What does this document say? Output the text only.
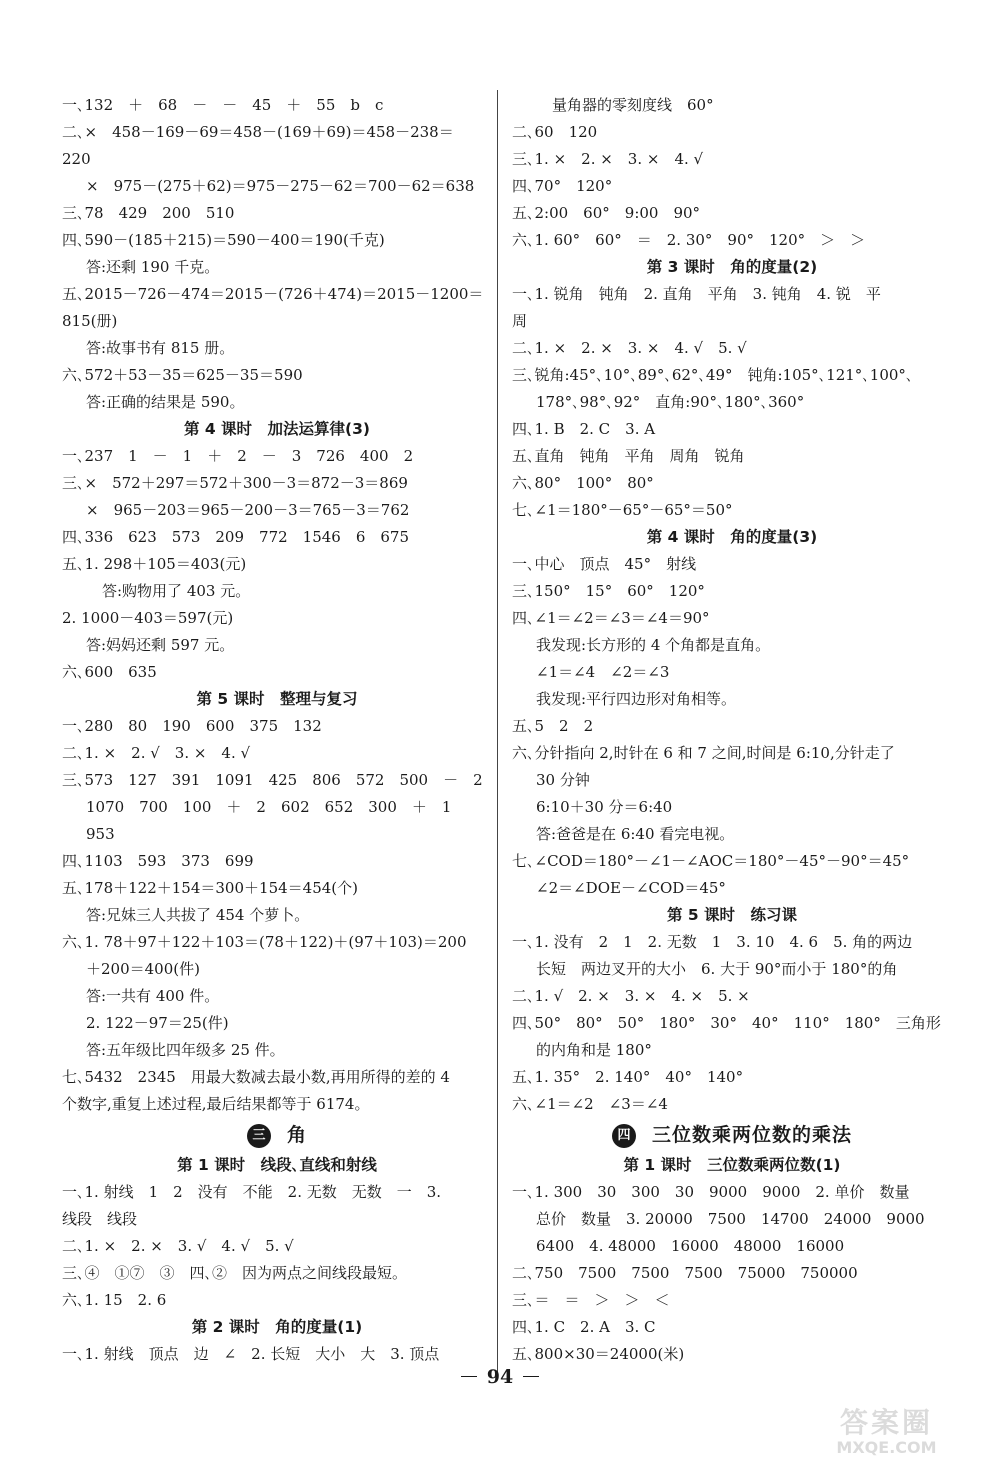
一､132　＋　68　－　－　45　＋　55　b　c
二､×　458－169－69＝458－(169＋69)＝458－238＝
220
×　975－(275＋62)＝975－275－62＝700－62＝638
三､78　429　200　510
四､590－(185＋215)＝590－400＝190(千克)
答:还剩 190 千克｡
五､2015－726－474＝2015－(726＋474)＝2015－1200＝
815(册)
答:故事书有 815 册｡
六､572＋53－35＝625－35＝590
答:正确的结果是 590｡
第 4 课时　加法运算律(3)
一､237　1　－　1　＋　2　－　3　726　400　2
三､×　572＋297＝572＋300－3＝872－3＝869
×　965－203＝965－200－3＝765－3＝762
四､336　623　573　209　772　1546　6　675
五､1. 298＋105＝403(元)
答:购物用了 403 元｡
2. 1000－403＝597(元)
答:妈妈还剩 597 元｡
六､600　635
第 5 课时　整理与复习
一､280　80　190　600　375　132
二､1. ×　2. √　3. ×　4. √
三､573　127　391　1091　425　806　572　500　－　2
1070　700　100　＋　2　602　652　300　＋　1
953
四､1103　593　373　699
五､178＋122＋154＝300＋154＝454(个)
答:兄妹三人共拔了 454 个萝卜｡
六､1. 78＋97＋122＋103＝(78＋122)＋(97＋103)＝200
＋200＝400(件)
答:一共有 400 件｡
2. 122－97＝25(件)
答:五年级比四年级多 25 件｡
七､5432　2345　用最大数减去最小数,再用所得的差的 4
个数字,重复上述过程,最后结果都等于 6174｡
三 角
第 1 课时　线段､直线和射线
一､1. 射线　1　2　没有　不能　2. 无数　无数　一　3.
线段　线段
二､1. ×　2. ×　3. √　4. √　5. √
三､④　①⑦　③　四､②　因为两点之间线段最短｡
六､1. 15　2. 6
第 2 课时　角的度量(1)
一､1. 射线　顶点　边　∠　2. 长短　大小　大　3. 顶点
量角器的零刻度线　60°
二､60　120
三､1. ×　2. ×　3. ×　4. √
四､70°　120°
五､2:00　60°　9:00　90°
六､1. 60°　60°　＝　2. 30°　90°　120°　＞　＞
第 3 课时　角的度量(2)
一､1. 锐角　钝角　2. 直角　平角　3. 钝角　4. 锐　平
周
二､1. ×　2. ×　3. ×　4. √　5. √
三､锐角:45°､10°､89°､62°､49°　钝角:105°､121°､100°､
178°､98°､92°　直角:90°､180°､360°
四､1. B　2. C　3. A
五､直角　钝角　平角　周角　锐角
六､80°　100°　80°
七､∠1＝180°－65°－65°＝50°
第 4 课时　角的度量(3)
一､中心　顶点　45°　射线
三､150°　15°　60°　120°
四､∠1＝∠2＝∠3＝∠4＝90°
我发现:长方形的 4 个角都是直角｡
∠1＝∠4　∠2＝∠3
我发现:平行四边形对角相等｡
五､5　2　2
六､分针指向 2,时针在 6 和 7 之间,时间是 6:10,分针走了
30 分钟
6:10＋30 分＝6:40
答:爸爸是在 6:40 看完电视｡
七､∠COD＝180°－∠1－∠AOC＝180°－45°－90°＝45°
∠2＝∠DOE－∠COD＝45°
第 5 课时　练习课
一､1. 没有　2　1　2. 无数　1　3. 10　4. 6　5. 角的两边
长短　两边叉开的大小　6. 大于 90°而小于 180°的角
二､1. √　2. ×　3. ×　4. ×　5. ×
四､50°　80°　50°　180°　30°　40°　110°　180°　三角形
的内角和是 180°
五､1. 35°　2. 140°　40°　140°
六､∠1＝∠2　∠3＝∠4
四 三位数乘两位数的乘法
第 1 课时　三位数乘两位数(1)
一､1. 300　30　300　30　9000　9000　2. 单价　数量
总价　数量　3. 20000　7500　14700　24000　9000
6400　4. 48000　16000　48000　16000
二､750　7500　7500　7500　75000　750000
三､＝　＝　＞　＞　＜
四､1. C　2. A　3. C
五､800×30＝24000(米)
94
答案圈
MXQE.COM
